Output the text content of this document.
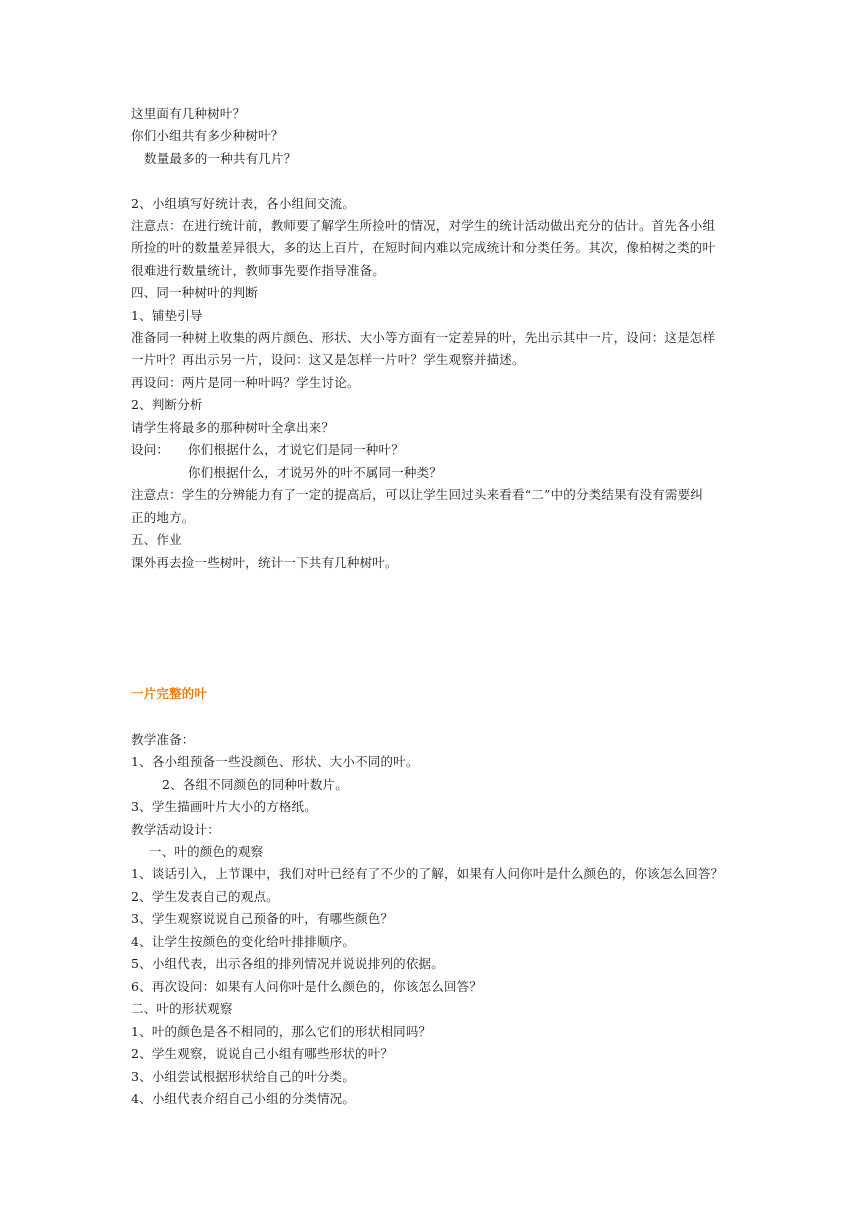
这里面有几种树叶？
你们小组共有多少种树叶？
数量最多的一种共有几片？
2、小组填写好统计表，各小组间交流。
注意点：在进行统计前，教师要了解学生所捡叶的情况，对学生的统计活动做出充分的估计。首先各小组
所捡的叶的数量差异很大，多的达上百片，在短时间内难以完成统计和分类任务。其次，像柏树之类的叶
很难进行数量统计，教师事先要作指导准备。
四、同一种树叶的判断
1、铺垫引导
准备同一种树上收集的两片颜色、形状、大小等方面有一定差异的叶，先出示其中一片，设问：这是怎样
一片叶？再出示另一片，设问：这又是怎样一片叶？学生观察并描述。
再设问：两片是同一种叶吗？学生讨论。
2、判断分析
请学生将最多的那种树叶全拿出来？
设问： 你们根据什么，才说它们是同一种叶？
你们根据什么，才说另外的叶不属同一种类？
注意点：学生的分辨能力有了一定的提高后，可以让学生回过头来看看“二”中的分类结果有没有需要纠
正的地方。
五、作业
课外再去捡一些树叶，统计一下共有几种树叶。
一片完整的叶
教学准备：
1、各小组预备一些没颜色、形状、大小不同的叶。
2、各组不同颜色的同种叶数片。
3、学生描画叶片大小的方格纸。
教学活动设计：
一、叶的颜色的观察
1、谈话引入，上节课中，我们对叶已经有了不少的了解，如果有人问你叶是什么颜色的，你该怎么回答？
2、学生发表自己的观点。
3、学生观察说说自己预备的叶，有哪些颜色？
4、让学生按颜色的变化给叶排排顺序。
5、小组代表，出示各组的排列情况并说说排列的依据。
6、再次设问：如果有人问你叶是什么颜色的，你该怎么回答？
二、叶的形状观察
1、叶的颜色是各不相同的，那么它们的形状相同吗？
2、学生观察，说说自己小组有哪些形状的叶？
3、小组尝试根据形状给自己的叶分类。
4、小组代表介绍自己小组的分类情况。
